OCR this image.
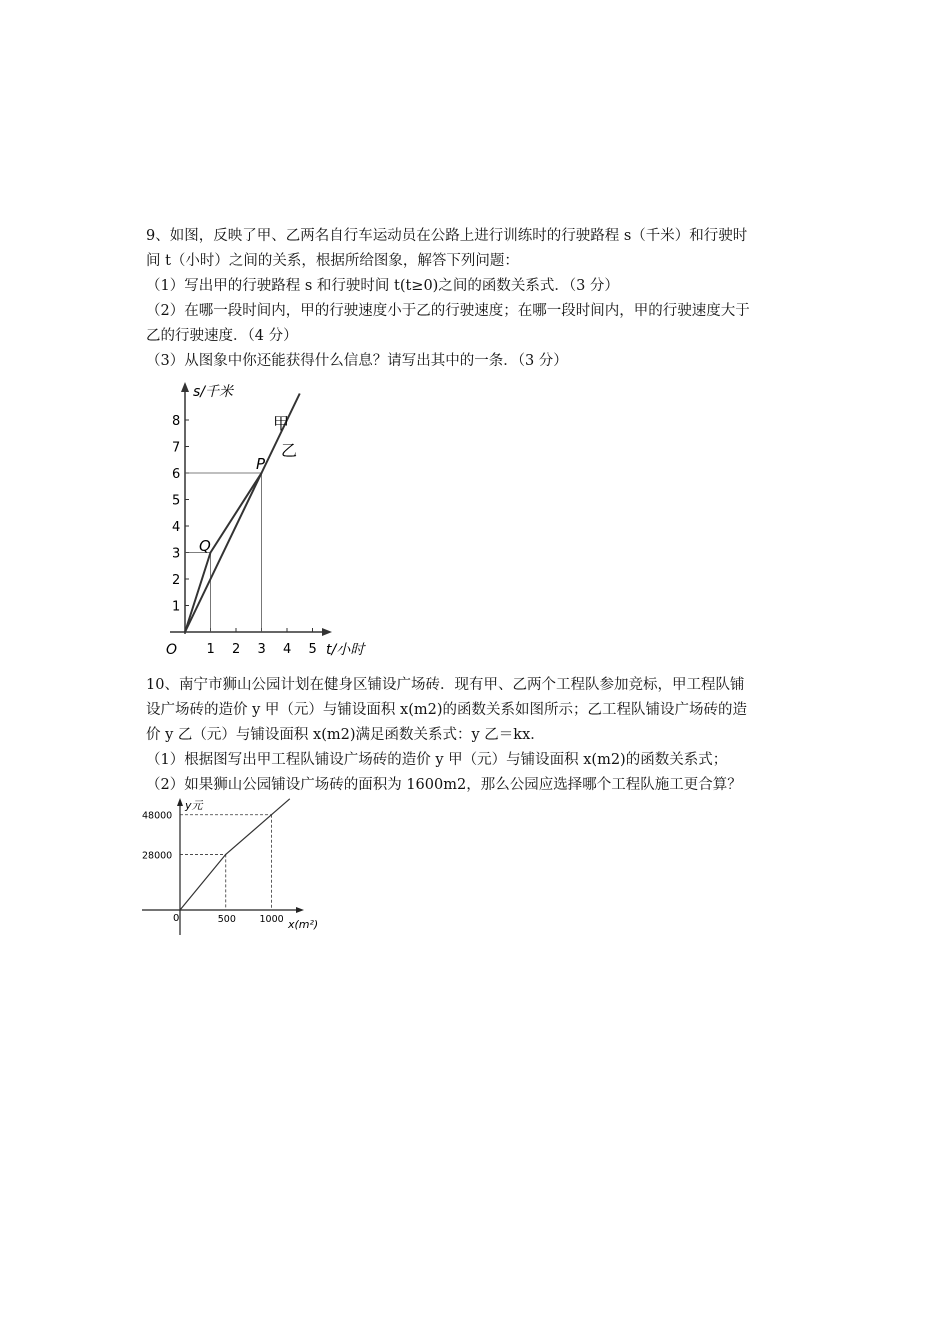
9、如图，反映了甲、乙两名自行车运动员在公路上进行训练时的行驶路程 s（千米）和行驶时
间 t（小时）之间的关系，根据所给图象，解答下列问题：
（1）写出甲的行驶路程 s 和行驶时间 t(t≥0)之间的函数关系式．（3 分）
（2）在哪一段时间内，甲的行驶速度小于乙的行驶速度；在哪一段时间内，甲的行驶速度大于
乙的行驶速度．（4 分）
（3）从图象中你还能获得什么信息？请写出其中的一条．（3 分）
s/千米
t/小时
O
1
2
3
4
5
6
7
8
1 2 3 4 5
P
Q
甲
乙
10、南宁市狮山公园计划在健身区铺设广场砖．现有甲、乙两个工程队参加竞标，甲工程队铺
设广场砖的造价 y 甲（元）与铺设面积 x(m2)的函数关系如图所示；乙工程队铺设广场砖的造
价 y 乙（元）与铺设面积 x(m2)满足函数关系式：y 乙＝kx．
（1）根据图写出甲工程队铺设广场砖的造价 y 甲（元）与铺设面积 x(m2)的函数关系式；
（2）如果狮山公园铺设广场砖的面积为 1600m2，那么公园应选择哪个工程队施工更合算？
y元
x(m²)
0
28000
500
48000
1000
